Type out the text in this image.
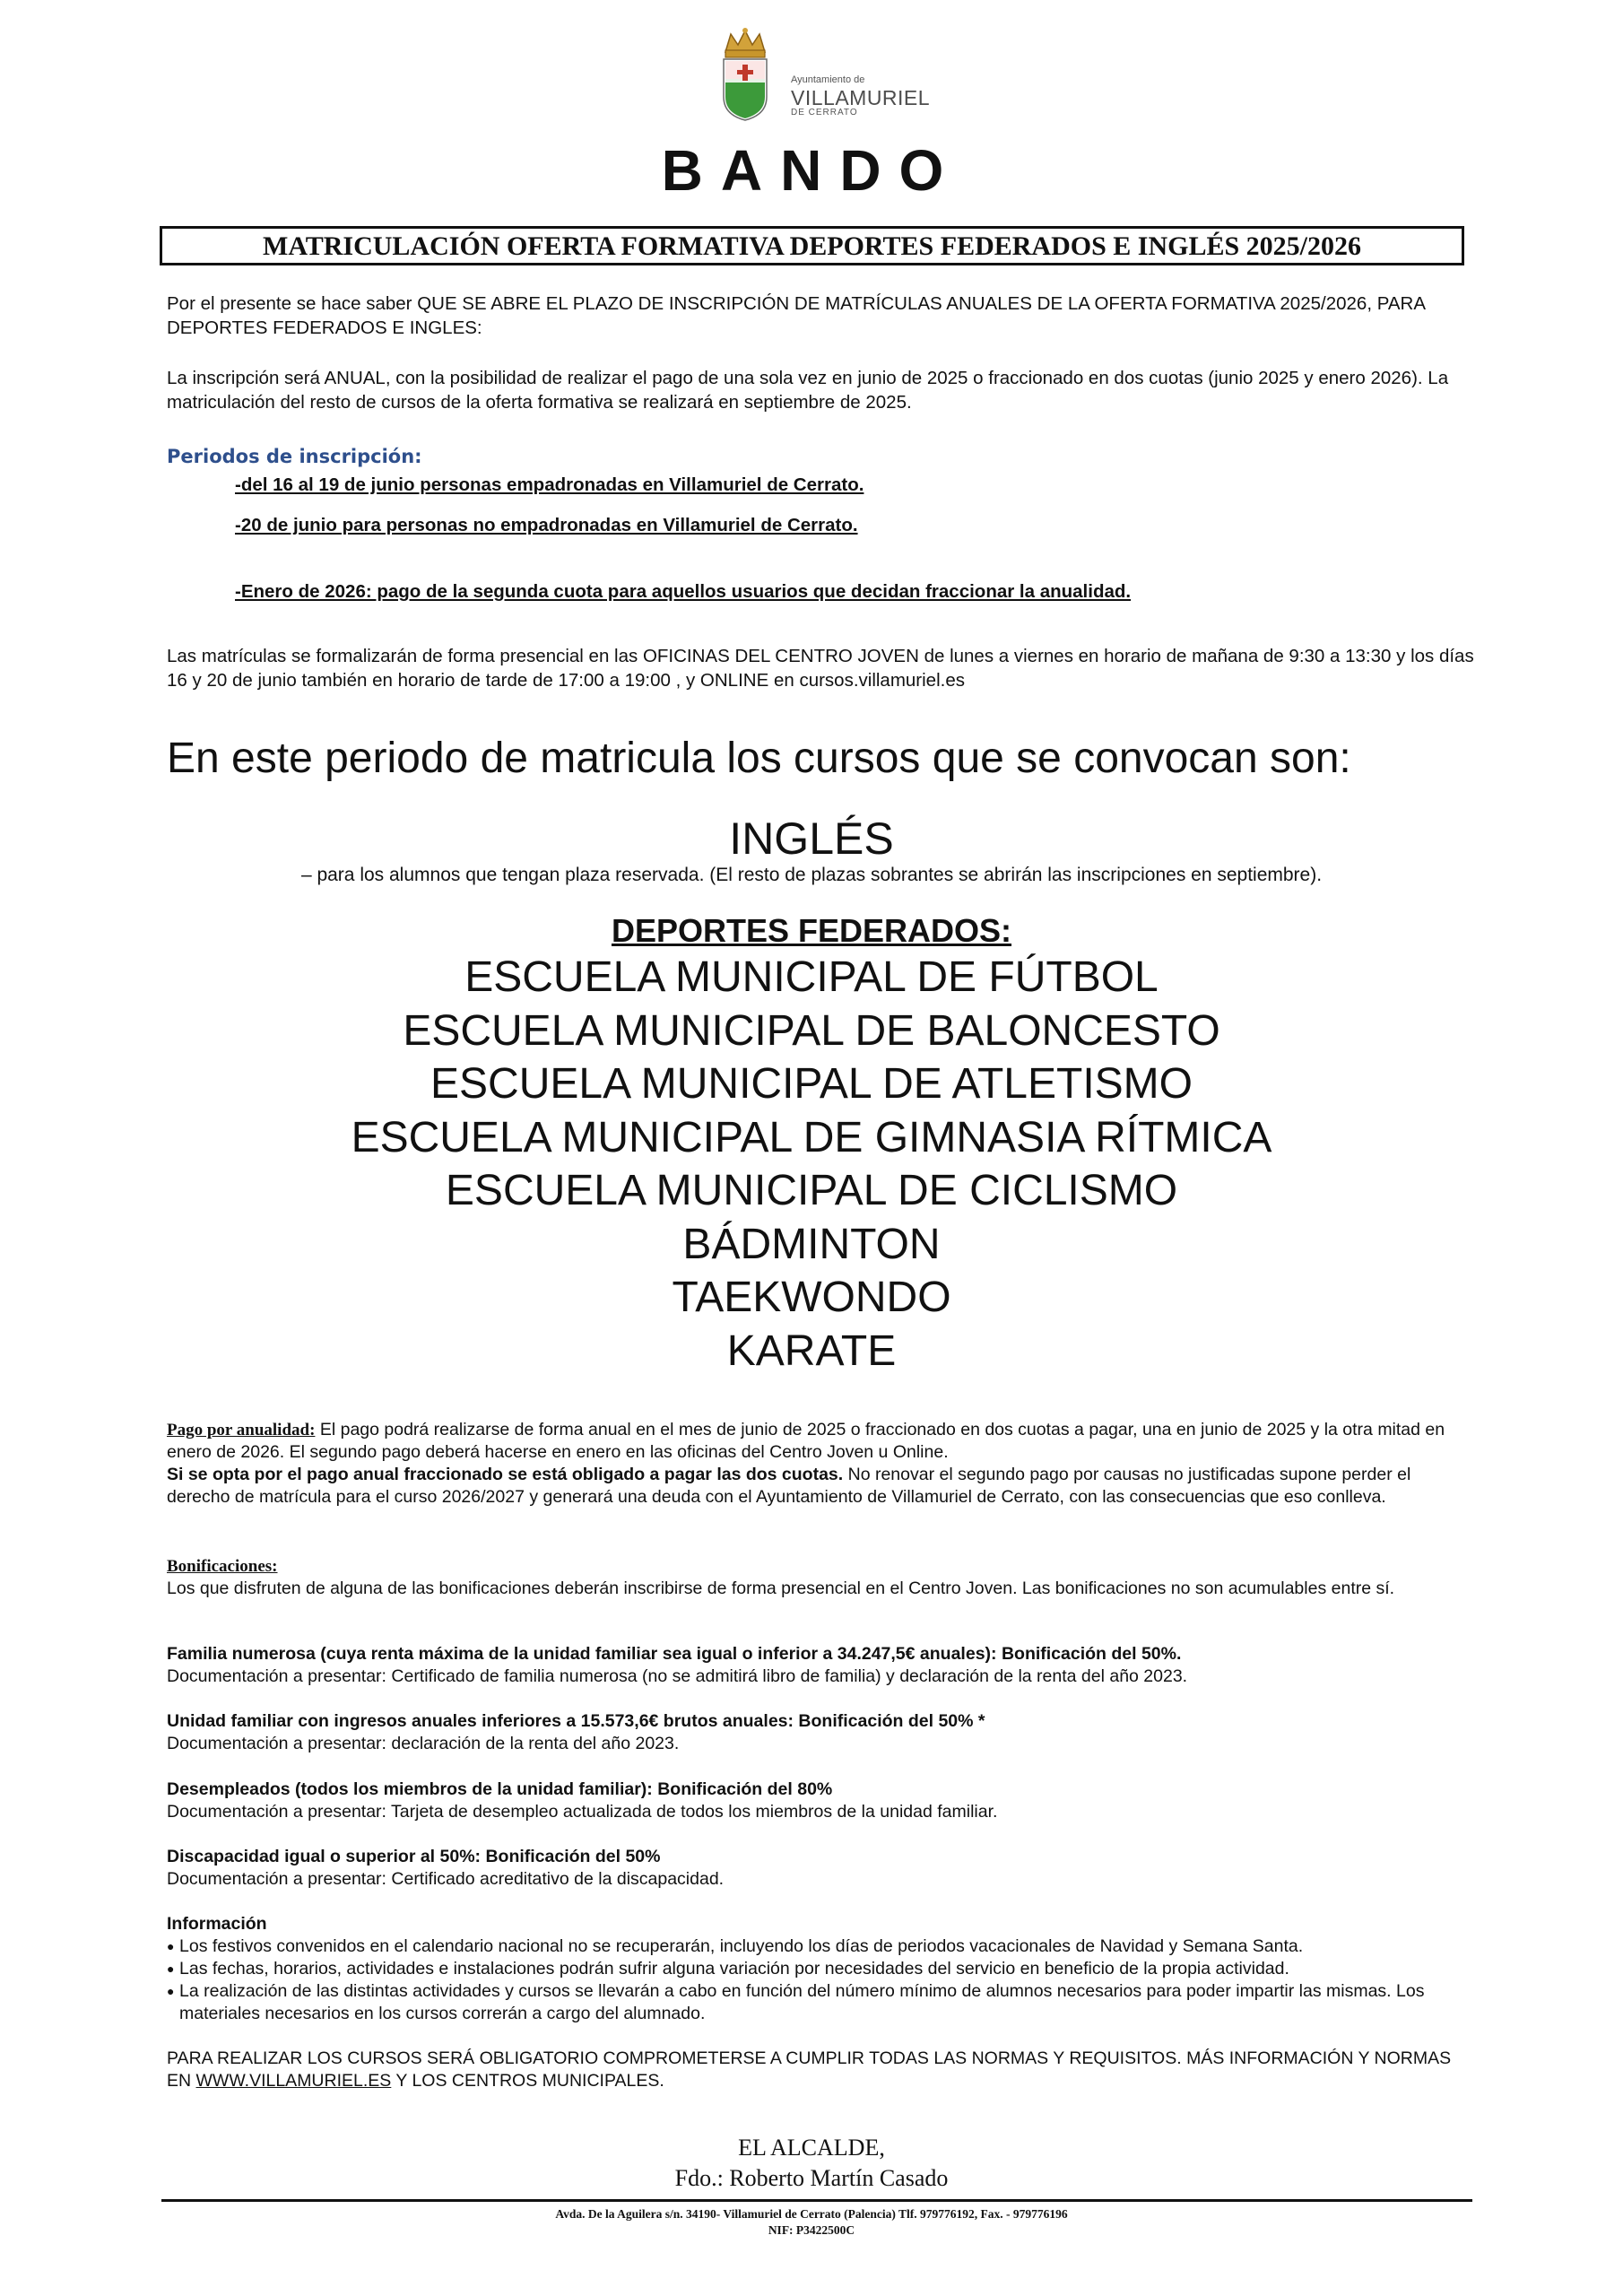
Ayuntamiento de
VILLAMURIEL
DE CERRATO
BANDO
MATRICULACIÓN OFERTA FORMATIVA DEPORTES FEDERADOS E INGLÉS 2025/2026
Por el presente se hace saber QUE SE ABRE EL PLAZO DE INSCRIPCIÓN DE MATRÍCULAS ANUALES DE LA OFERTA FORMATIVA 2025/2026, PARA DEPORTES FEDERADOS E INGLES:
La inscripción será ANUAL, con la posibilidad de realizar el pago de una sola vez en junio de 2025 o fraccionado en dos cuotas (junio 2025 y enero 2026). La matriculación del resto de cursos de la oferta formativa se realizará en septiembre de 2025.
Periodos de inscripción:
-del 16 al 19 de junio personas empadronadas en Villamuriel de Cerrato.
-20 de junio para personas no empadronadas en Villamuriel de Cerrato.
-Enero de 2026: pago de la segunda cuota para aquellos usuarios que decidan fraccionar la anualidad.
Las matrículas se formalizarán de forma presencial en las OFICINAS DEL CENTRO JOVEN de lunes a viernes en horario de mañana de 9:30 a 13:30 y los días 16 y 20 de junio también en horario de tarde de 17:00 a 19:00 , y ONLINE en cursos.villamuriel.es
En este periodo de matricula los cursos que se convocan son:
INGLÉS
– para los alumnos que tengan plaza reservada. (El resto de plazas sobrantes se abrirán las inscripciones en septiembre).
DEPORTES FEDERADOS:
ESCUELA MUNICIPAL DE FÚTBOL
ESCUELA MUNICIPAL DE BALONCESTO
ESCUELA MUNICIPAL DE ATLETISMO
ESCUELA MUNICIPAL DE GIMNASIA RÍTMICA
ESCUELA MUNICIPAL DE CICLISMO
BÁDMINTON
TAEKWONDO
KARATE
Pago por anualidad: El pago podrá realizarse de forma anual en el mes de junio de 2025 o fraccionado en dos cuotas a pagar, una en junio de 2025 y la otra mitad en enero de 2026. El segundo pago deberá hacerse en enero en las oficinas del Centro Joven u Online.
Si se opta por el pago anual fraccionado se está obligado a pagar las dos cuotas. No renovar el segundo pago por causas no justificadas supone perder el derecho de matrícula para el curso 2026/2027 y generará una deuda con el Ayuntamiento de Villamuriel de Cerrato, con las consecuencias que eso conlleva.
Bonificaciones:
Los que disfruten de alguna de las bonificaciones deberán inscribirse de forma presencial en el Centro Joven. Las bonificaciones no son acumulables entre sí.
Familia numerosa (cuya renta máxima de la unidad familiar sea igual o inferior a 34.247,5€ anuales): Bonificación del 50%.
Documentación a presentar: Certificado de familia numerosa (no se admitirá libro de familia) y declaración de la renta del año 2023.
Unidad familiar con ingresos anuales inferiores a 15.573,6€ brutos anuales: Bonificación del 50% *
Documentación a presentar: declaración de la renta del año 2023.
Desempleados (todos los miembros de la unidad familiar): Bonificación del 80%
Documentación a presentar: Tarjeta de desempleo actualizada de todos los miembros de la unidad familiar.
Discapacidad igual o superior al 50%: Bonificación del 50%
Documentación a presentar: Certificado acreditativo de la discapacidad.
Información
● Los festivos convenidos en el calendario nacional no se recuperarán, incluyendo los días de periodos vacacionales de Navidad y Semana Santa.
● Las fechas, horarios, actividades e instalaciones podrán sufrir alguna variación por necesidades del servicio en beneficio de la propia actividad.
● La realización de las distintas actividades y cursos se llevarán a cabo en función del número mínimo de alumnos necesarios para poder impartir las mismas. Los materiales necesarios en los cursos correrán a cargo del alumnado.
PARA REALIZAR LOS CURSOS SERÁ OBLIGATORIO COMPROMETERSE A CUMPLIR TODAS LAS NORMAS Y REQUISITOS. MÁS INFORMACIÓN Y NORMAS EN WWW.VILLAMURIEL.ES Y LOS CENTROS MUNICIPALES.
EL ALCALDE,
Fdo.: Roberto Martín Casado
Avda. De la Aguilera s/n. 34190- Villamuriel de Cerrato (Palencia) Tlf. 979776192, Fax. - 979776196
NIF: P3422500C
